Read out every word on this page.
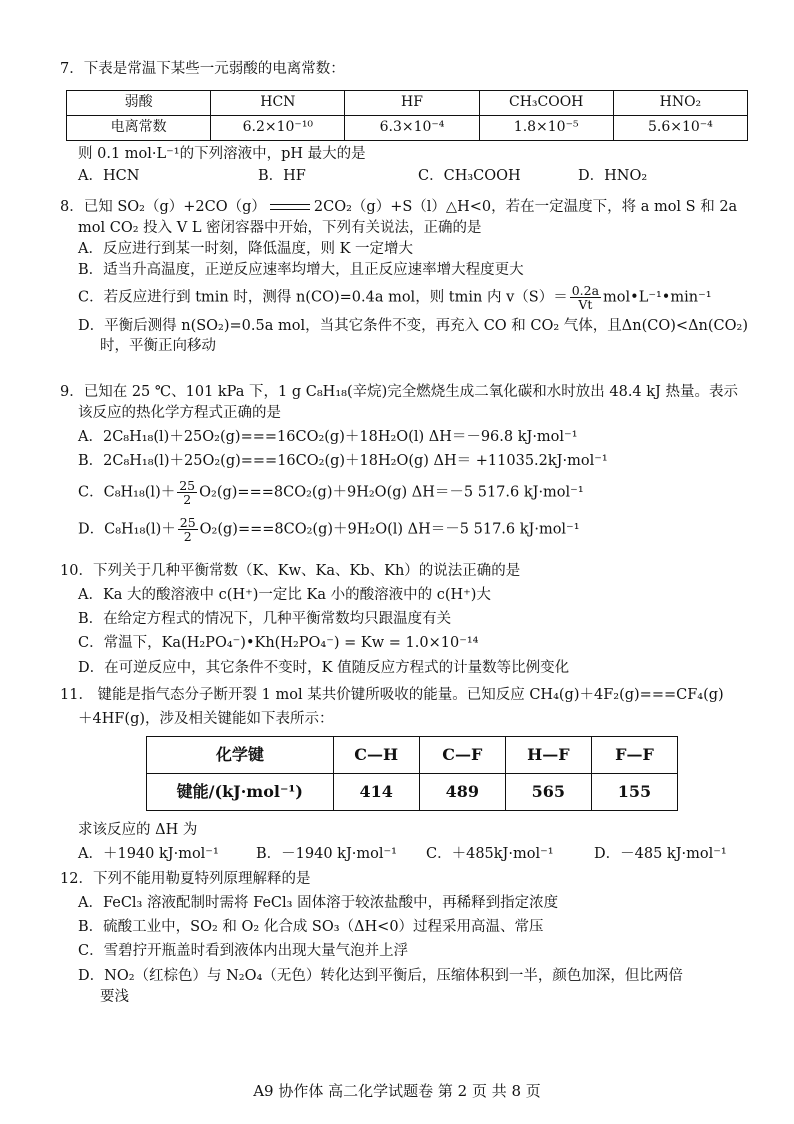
7．下表是常温下某些一元弱酸的电离常数：
弱酸	HCN	HF	CH₃COOH	HNO₂
电离常数	6.2×10⁻¹⁰	6.3×10⁻⁴	1.8×10⁻⁵	5.6×10⁻⁴
则 0.1 mol·L⁻¹的下列溶液中，pH 最大的是
A．HCN	B．HF	C．CH₃COOH	D．HNO₂
8．已知 SO₂（g）+2CO（g）	2CO₂（g）+S（l）△H<0，若在一定温度下，将 a mol S 和 2a
mol CO₂ 投入 V L 密闭容器中开始，下列有关说法，正确的是
A．反应进行到某一时刻，降低温度，则 K 一定增大
B．适当升高温度，正逆反应速率均增大，且正反应速率增大程度更大
C．若反应进行到 tmin 时，测得 n(CO)=0.4a mol，则 tmin 内 $v(S)= \frac{0.2a}{Vt}$ mol•L⁻¹•min⁻¹
D．平衡后测得 n(SO₂)=0.5a mol，当其它条件不变，再充入 CO 和 CO₂ 气体，且Δn(CO)<Δn(CO₂)
时，平衡正向移动
9．已知在 25 ℃、101 kPa 下，1 g C₈H₁₈(辛烷)完全燃烧生成二氧化碳和水时放出 48.4 kJ 热量。表示
该反应的热化学方程式正确的是
A．2C₈H₁₈(l)＋25O₂(g)===16CO₂(g)＋18H₂O(l) ΔH＝－96.8 kJ·mol⁻¹
B．2C₈H₁₈(l)＋25O₂(g)===16CO₂(g)＋18H₂O(g) ΔH＝ +11035.2kJ·mol⁻¹
C．$C_8H_{18}(l)+ \frac{25}{2} O_2(g)===8CO_2(g)+9H_2O(g)$ ΔH＝－5 517.6 kJ·mol⁻¹
D．$C_8H_{18}(l)+ \frac{25}{2} O_2(g)===8CO_2(g)+9H_2O(l)$ ΔH＝－5 517.6 kJ·mol⁻¹
10．下列关于几种平衡常数（K、Kw、Ka、Kb、Kh）的说法正确的是
A．Ka 大的酸溶液中 c(H⁺)一定比 Ka 小的酸溶液中的 c(H⁺)大
B．在给定方程式的情况下，几种平衡常数均只跟温度有关
C．常温下，Ka(H₂PO₄⁻)•Kh(H₂PO₄⁻) = Kw = 1.0×10⁻¹⁴
D．在可逆反应中，其它条件不变时，K 值随反应方程式的计量数等比例变化
11． 键能是指气态分子断开裂 1 mol 某共价键所吸收的能量。已知反应 CH₄(g)＋4F₂(g)===CF₄(g)
＋4HF(g)，涉及相关键能如下表所示：
化学键	C—H	C—F	H—F	F—F
键能/(kJ·mol⁻¹)	414	489	565	155
求该反应的 ΔH 为
A．＋1940 kJ·mol⁻¹	B．－1940 kJ·mol⁻¹	C．＋485kJ·mol⁻¹	D．－485 kJ·mol⁻¹
12．下列不能用勒夏特列原理解释的是
A．FeCl₃ 溶液配制时需将 FeCl₃ 固体溶于较浓盐酸中，再稀释到指定浓度
B．硫酸工业中，SO₂ 和 O₂ 化合成 SO₃（ΔH<0）过程采用高温、常压
C．雪碧拧开瓶盖时看到液体内出现大量气泡并上浮
D．NO₂（红棕色）与 N₂O₄（无色）转化达到平衡后，压缩体积到一半，颜色加深，但比两倍
要浅
A9 协作体 高二化学试题卷 第 2 页 共 8 页
